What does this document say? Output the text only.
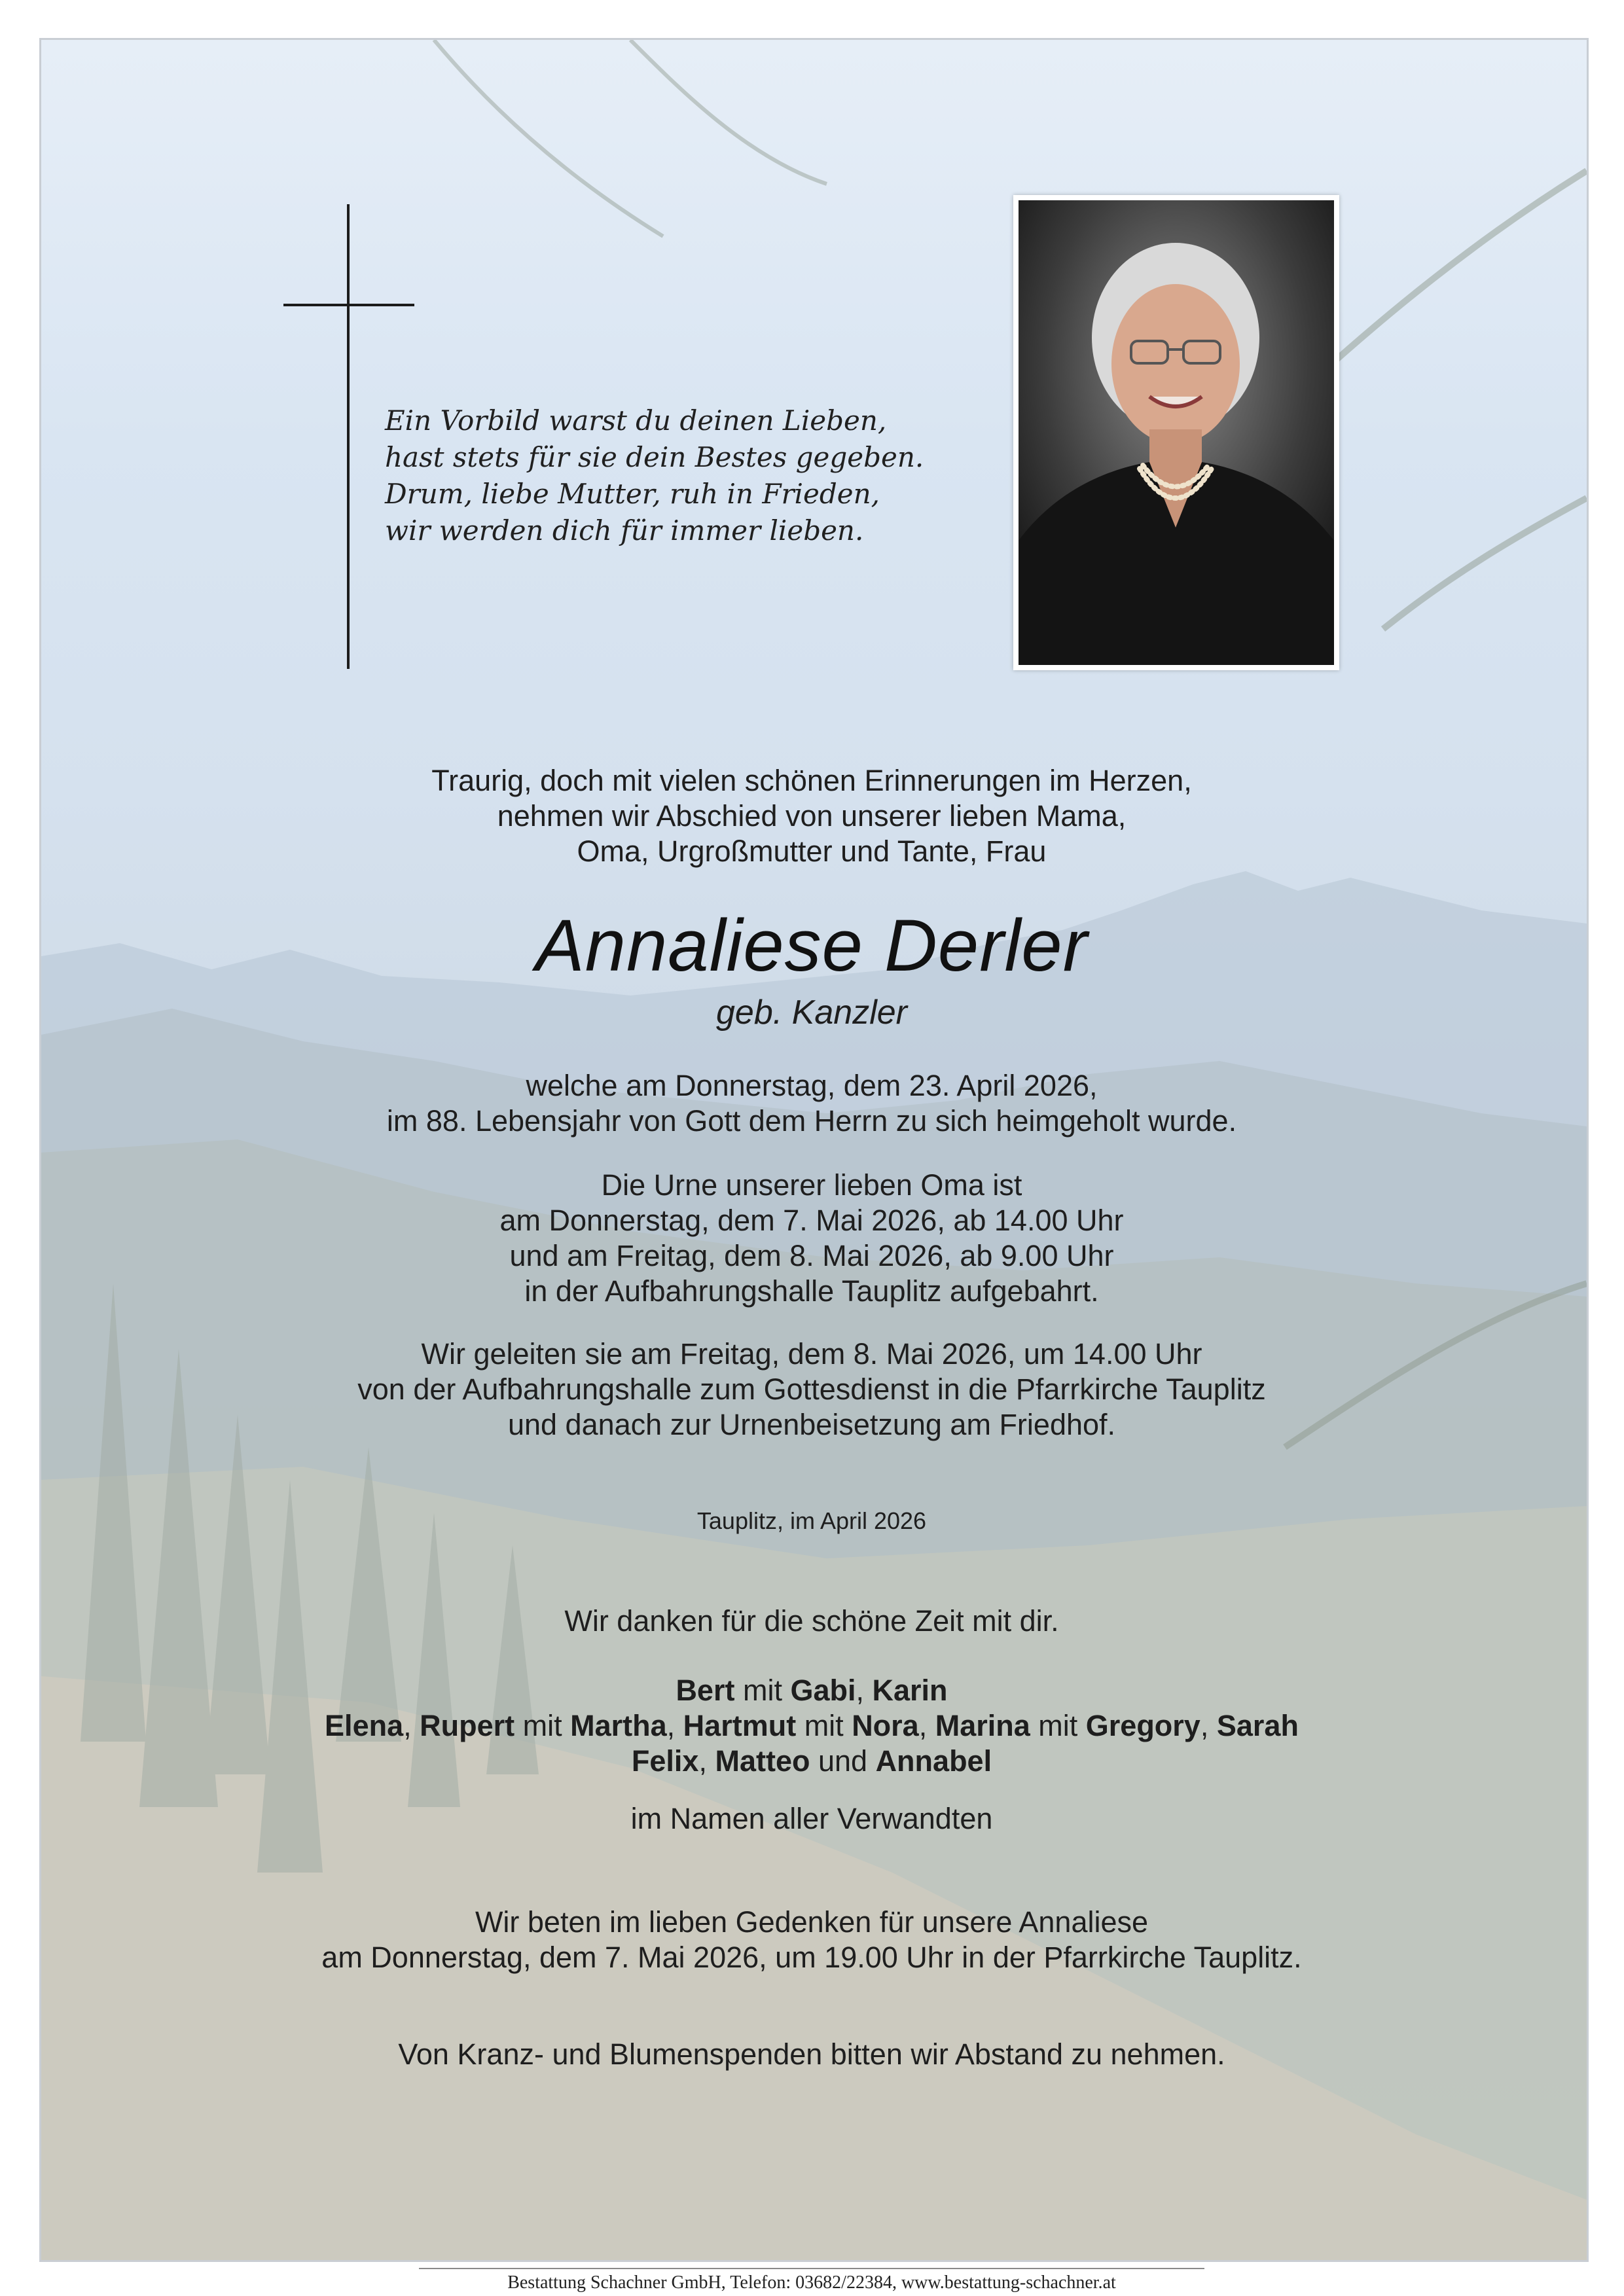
Ein Vorbild warst du deinen Lieben,
hast stets für sie dein Bestes gegeben.
Drum, liebe Mutter, ruh in Frieden,
wir werden dich für immer lieben.
Traurig, doch mit vielen schönen Erinnerungen im Herzen,
nehmen wir Abschied von unserer lieben Mama,
Oma, Urgroßmutter und Tante, Frau
Annaliese Derler
geb. Kanzler
welche am Donnerstag, dem 23. April 2026,
im 88. Lebensjahr von Gott dem Herrn zu sich heimgeholt wurde.
Die Urne unserer lieben Oma ist
am Donnerstag, dem 7. Mai 2026, ab 14.00 Uhr
und am Freitag, dem 8. Mai 2026, ab 9.00 Uhr
in der Aufbahrungshalle Tauplitz aufgebahrt.
Wir geleiten sie am Freitag, dem 8. Mai 2026, um 14.00 Uhr
von der Aufbahrungshalle zum Gottesdienst in die Pfarrkirche Tauplitz
und danach zur Urnenbeisetzung am Friedhof.
Tauplitz, im April 2026
Wir danken für die schöne Zeit mit dir.
Bert mit Gabi, Karin
Elena, Rupert mit Martha, Hartmut mit Nora, Marina mit Gregory, Sarah
Felix, Matteo und Annabel
im Namen aller Verwandten
Wir beten im lieben Gedenken für unsere Annaliese
am Donnerstag, dem 7. Mai 2026, um 19.00 Uhr in der Pfarrkirche Tauplitz.
Von Kranz- und Blumenspenden bitten wir Abstand zu nehmen.
Bestattung Schachner GmbH, Telefon: 03682/22384, www.bestattung-schachner.at
